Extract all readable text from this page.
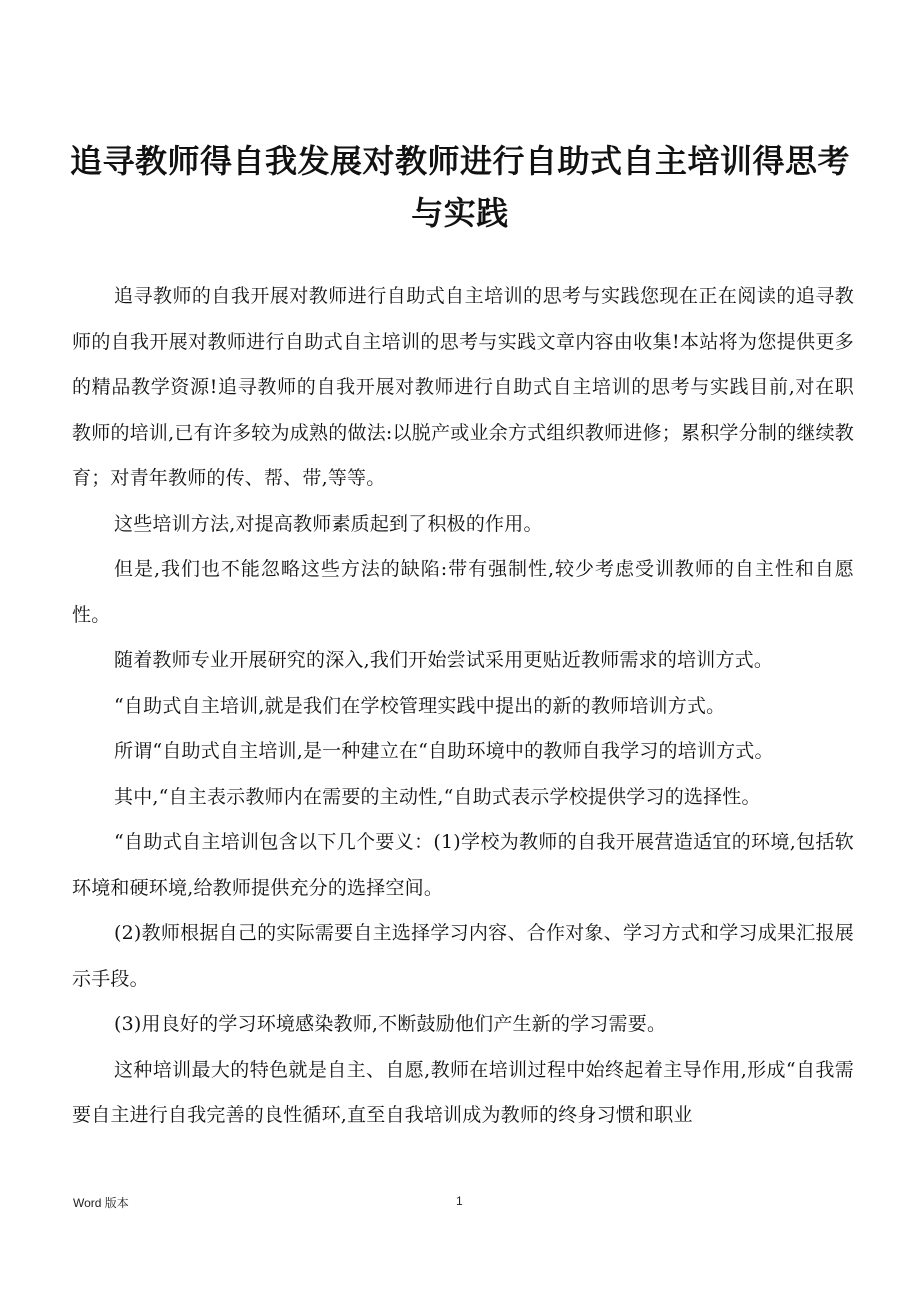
追寻教师得自我发展对教师进行自助式自主培训得思考与实践

追寻教师的自我开展对教师进行自助式自主培训的思考与实践您现在正在阅读的追寻教师的自我开展对教师进行自助式自主培训的思考与实践文章内容由收集!本站将为您提供更多的精品教学资源!追寻教师的自我开展对教师进行自助式自主培训的思考与实践目前,对在职教师的培训,已有许多较为成熟的做法:以脱产或业余方式组织教师进修；累积学分制的继续教育；对青年教师的传、帮、带,等等。

这些培训方法,对提高教师素质起到了积极的作用。

但是,我们也不能忽略这些方法的缺陷:带有强制性,较少考虑受训教师的自主性和自愿性。

随着教师专业开展研究的深入,我们开始尝试采用更贴近教师需求的培训方式。

“自助式自主培训,就是我们在学校管理实践中提出的新的教师培训方式。

所谓“自助式自主培训,是一种建立在“自助环境中的教师自我学习的培训方式。

其中,“自主表示教师内在需要的主动性,“自助式表示学校提供学习的选择性。

“自助式自主培训包含以下几个要义：(1)学校为教师的自我开展营造适宜的环境,包括软环境和硬环境,给教师提供充分的选择空间。

(2)教师根据自己的实际需要自主选择学习内容、合作对象、学习方式和学习成果汇报展示手段。

(3)用良好的学习环境感染教师,不断鼓励他们产生新的学习需要。

这种培训最大的特色就是自主、自愿,教师在培训过程中始终起着主导作用,形成“自我需要自主进行自我完善的良性循环,直至自我培训成为教师的终身习惯和职业

Word 版本	1
